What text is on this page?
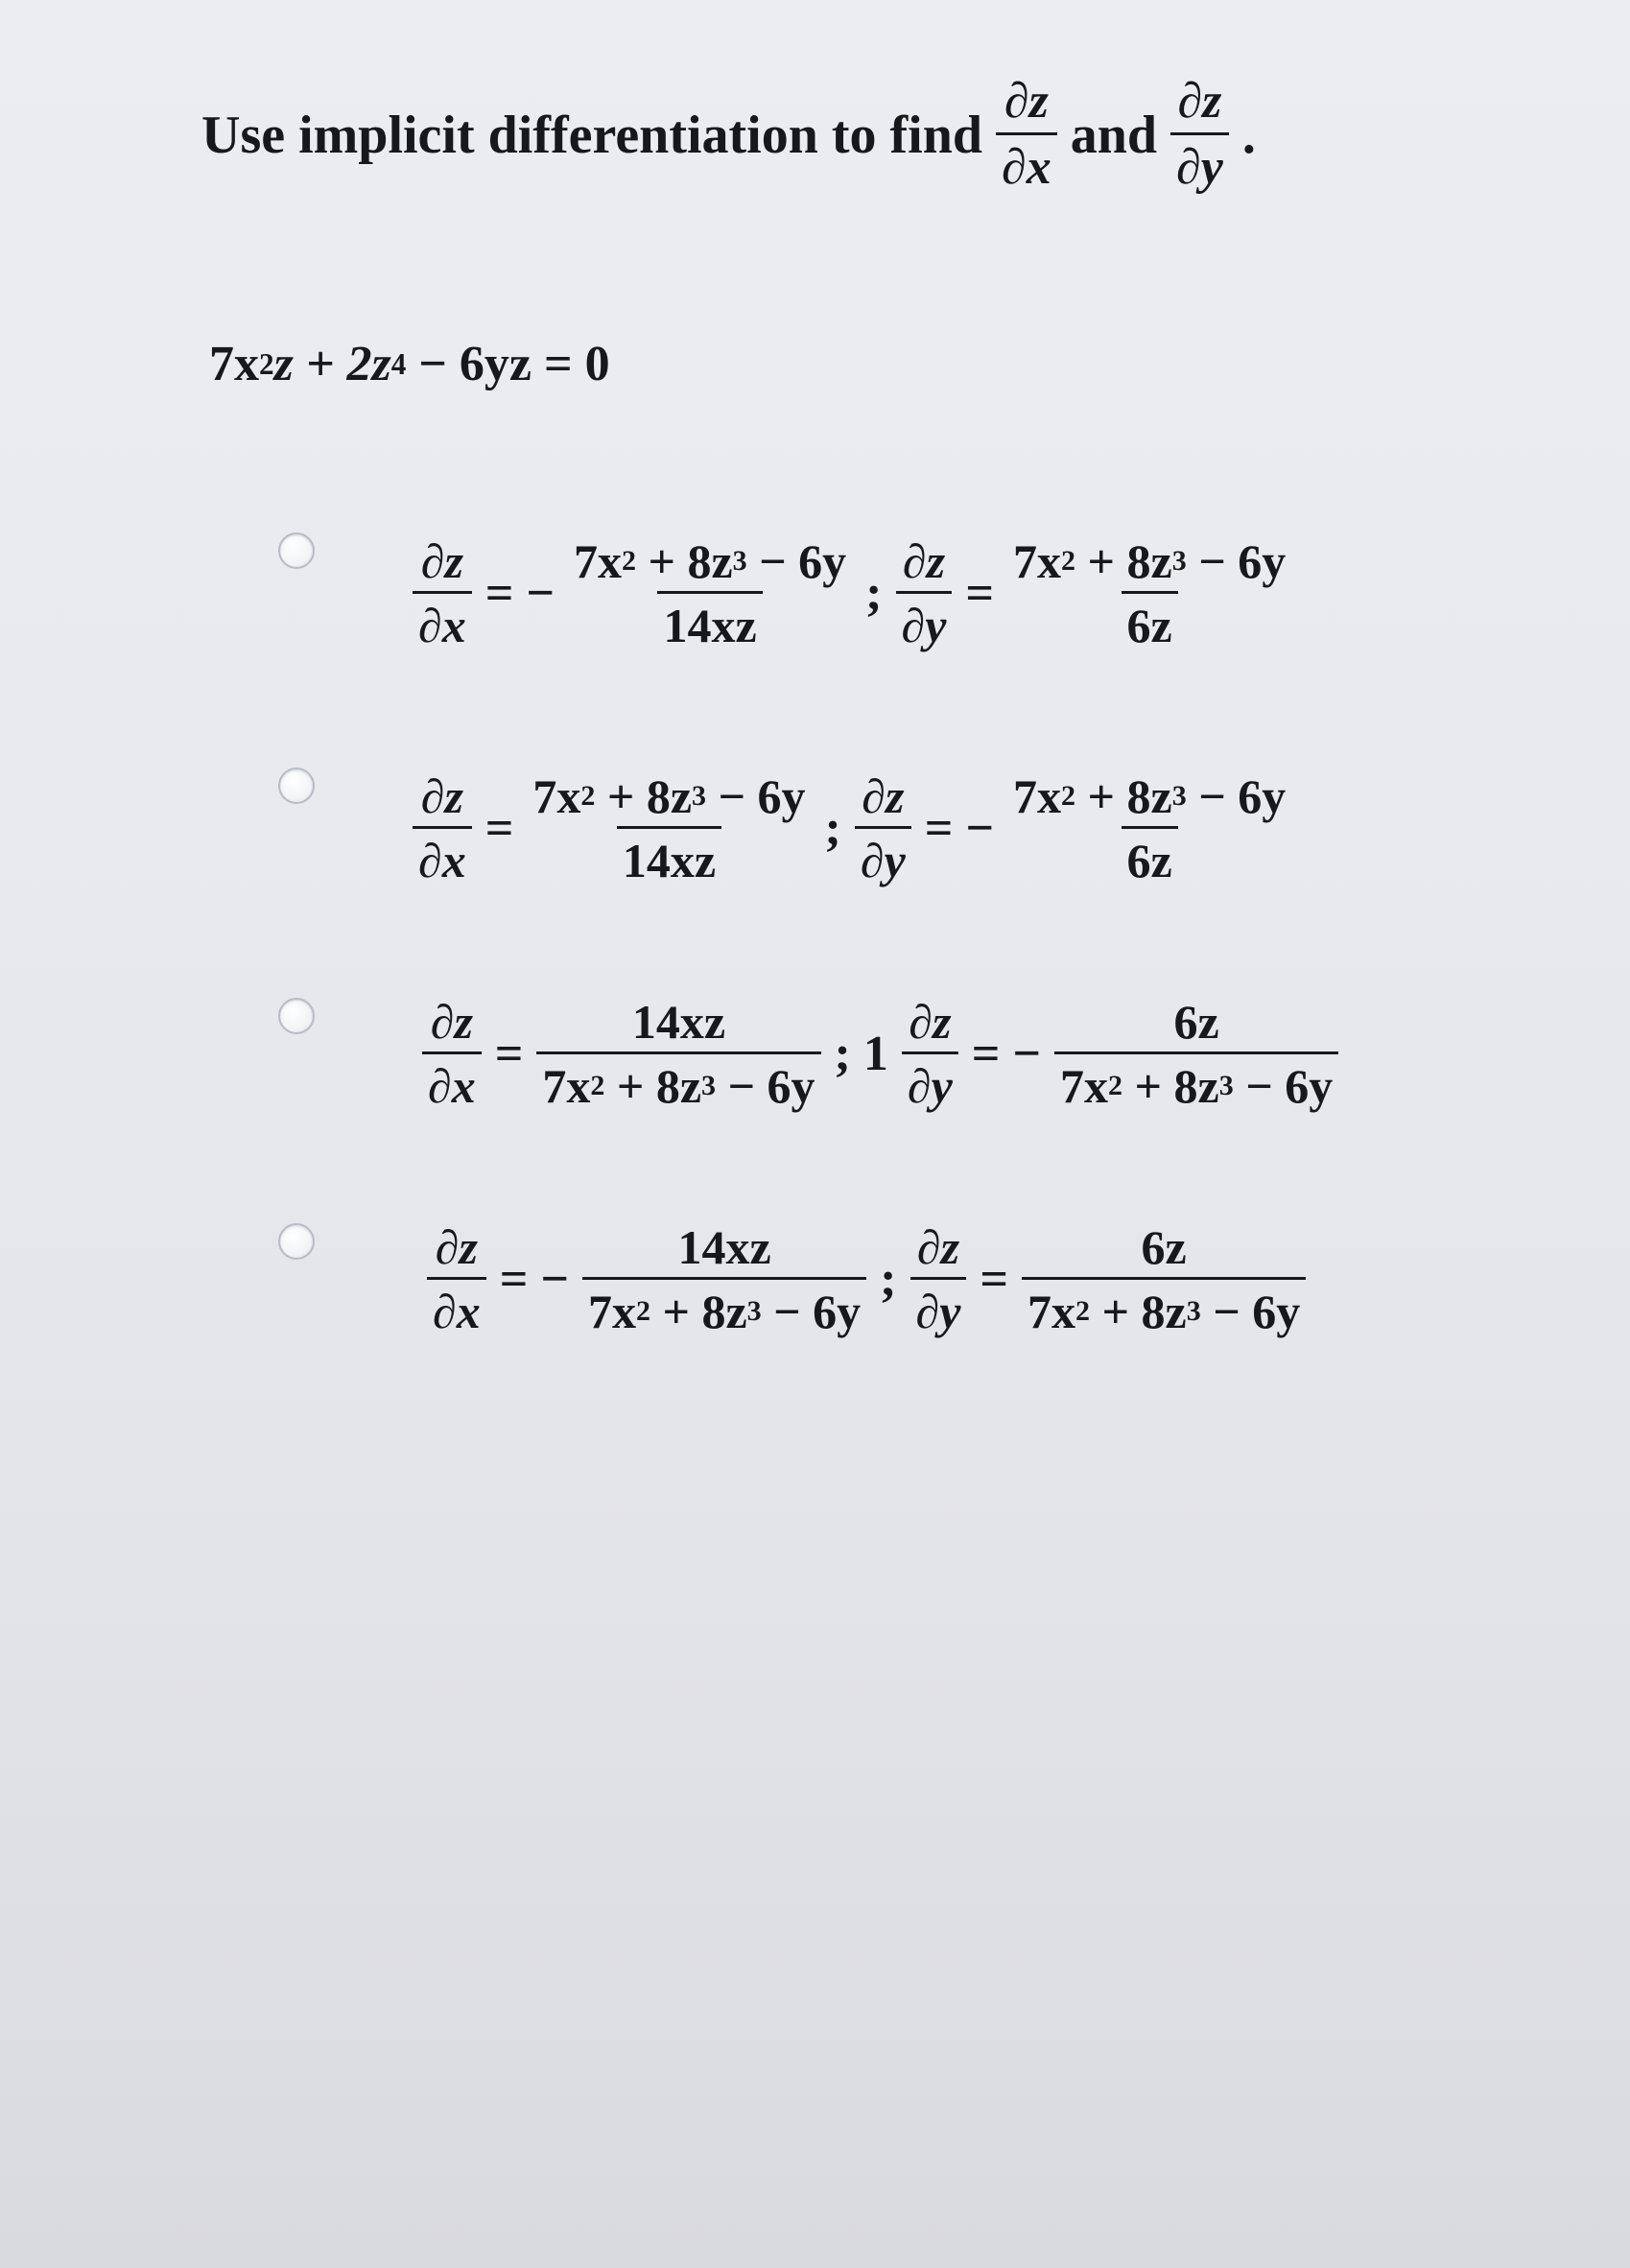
Use implicit differentiation to find $\frac{\partial z}{\partial x}$ and $\frac{\partial z}{\partial y}$ .
7x 2 z + 2z 4 − 6yz = 0
$\frac{\partial z}{\partial x}$ = − $\frac{7x 2 + 8z 3 - 6y}{14xz}$ ; $\frac{\partial z}{\partial y} = \frac{7x 2 + 8z 3 - 6y}{6z}$
$\frac{\partial z}{\partial x} = \frac{7x 2 + 8z 3 - 6y}{14xz}$ ; $\frac{\partial z}{\partial y}$ = − $\frac{7x 2 + 8z 3 - 6y}{6z}$
$\frac{\partial z}{\partial x} = \frac{14xz}{7x 2 + 8z 3 - 6y}$ ; $1 \frac{\partial z}{\partial y}$ = − $\frac{6z}{7x 2 + 8z 3 - 6y}$
$\frac{\partial z}{\partial x}$ = − $\frac{14xz}{7x 2 + 8z 3 - 6y}$ ; $\frac{\partial z}{\partial y} = \frac{6z}{7x 2 + 8z 3 - 6y}$
